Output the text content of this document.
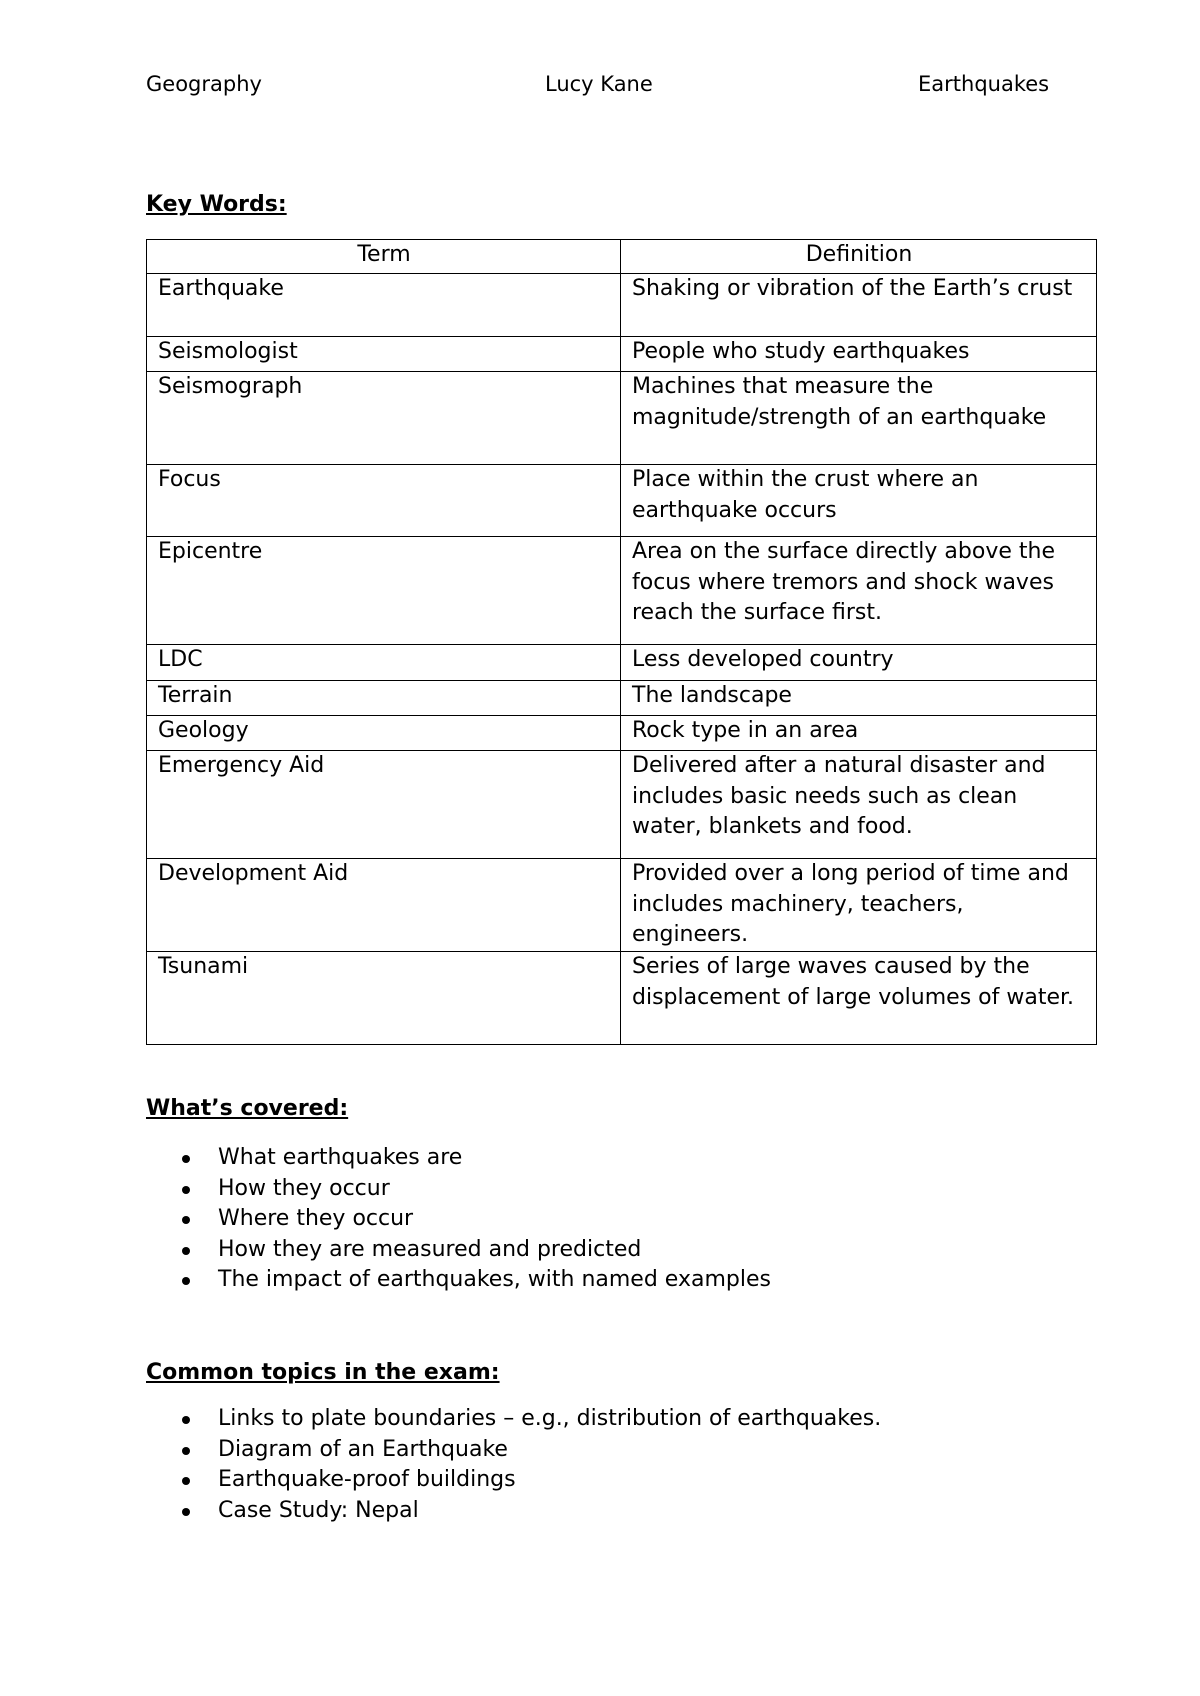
Geography	Lucy Kane	Earthquakes
Key Words:
Term	Definition
Earthquake	Shaking or vibration of the Earth’s crust
Seismologist	People who study earthquakes
Seismograph	Machines that measure the magnitude/strength of an earthquake
Focus	Place within the crust where an earthquake occurs
Epicentre	Area on the surface directly above the focus where tremors and shock waves reach the surface first.
LDC	Less developed country
Terrain	The landscape
Geology	Rock type in an area
Emergency Aid	Delivered after a natural disaster and includes basic needs such as clean water, blankets and food.
Development Aid	Provided over a long period of time and includes machinery, teachers, engineers.
Tsunami	Series of large waves caused by the displacement of large volumes of water.
What’s covered:
What earthquakes are
How they occur
Where they occur
How they are measured and predicted
The impact of earthquakes, with named examples
Common topics in the exam:
Links to plate boundaries – e.g., distribution of earthquakes.
Diagram of an Earthquake
Earthquake-proof buildings
Case Study: Nepal
